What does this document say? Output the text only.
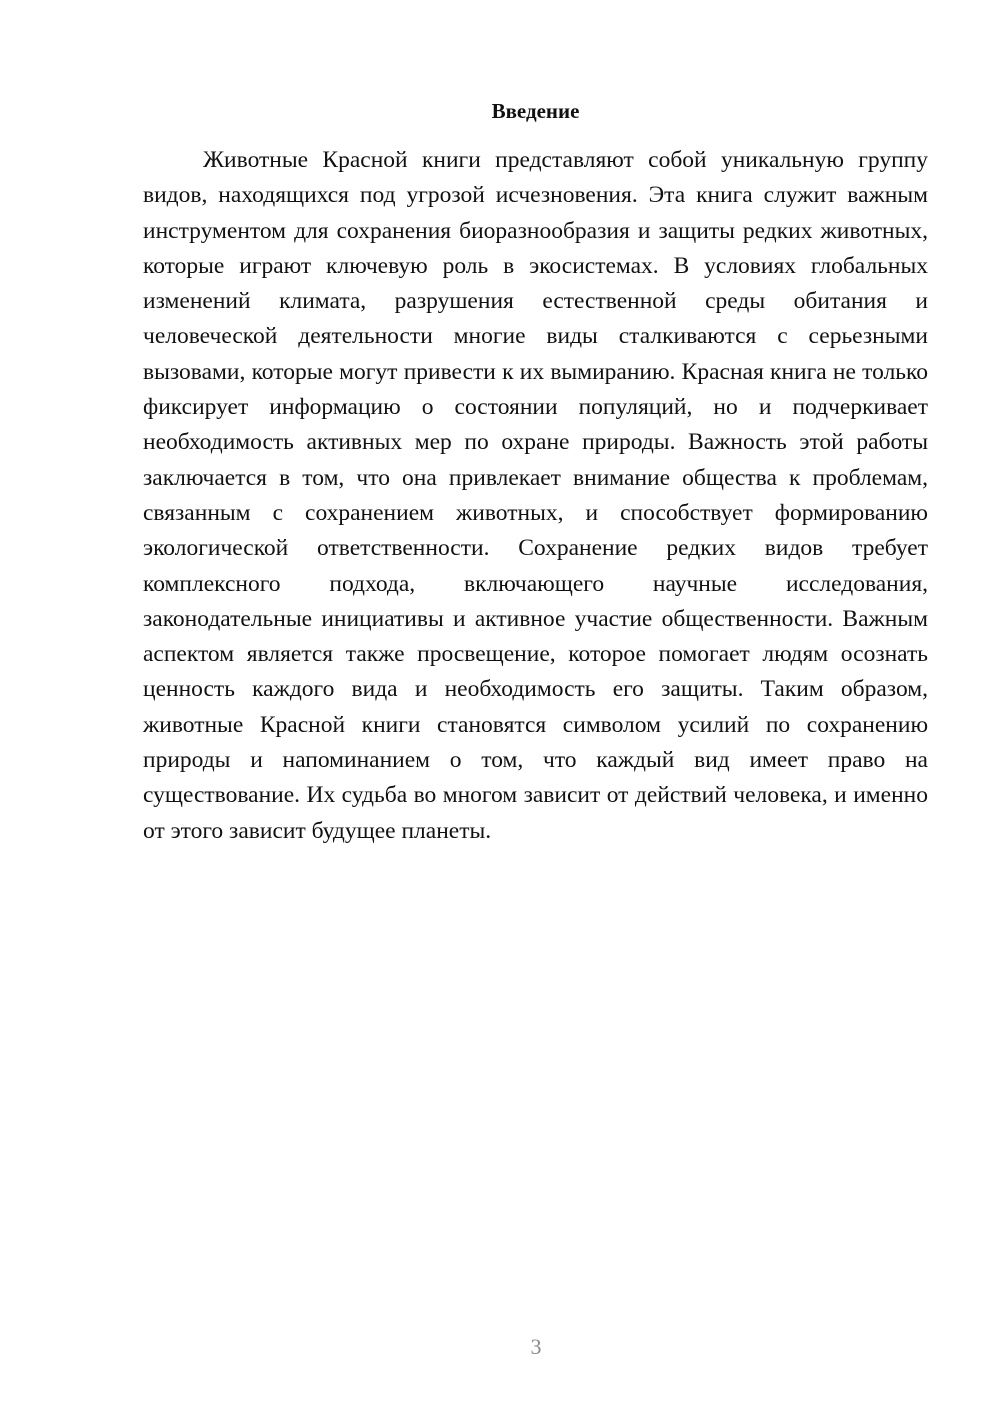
Введение

Животные Красной книги представляют собой уникальную группу видов, находящихся под угрозой исчезновения. Эта книга служит важным инструментом для сохранения биоразнообразия и защиты редких животных, которые играют ключевую роль в экосистемах. В условиях глобальных изменений климата, разрушения естественной среды обитания и человеческой деятельности многие виды сталкиваются с серьезными вызовами, которые могут привести к их вымиранию. Красная книга не только фиксирует информацию о состоянии популяций, но и подчеркивает необходимость активных мер по охране природы. Важность этой работы заключается в том, что она привлекает внимание общества к проблемам, связанным с сохранением животных, и способствует формированию экологической ответственности. Сохранение редких видов требует комплексного подхода, включающего научные исследования, законодательные инициативы и активное участие общественности. Важным аспектом является также просвещение, которое помогает людям осознать ценность каждого вида и необходимость его защиты. Таким образом, животные Красной книги становятся символом усилий по сохранению природы и напоминанием о том, что каждый вид имеет право на существование. Их судьба во многом зависит от действий человека, и именно от этого зависит будущее планеты.

3
